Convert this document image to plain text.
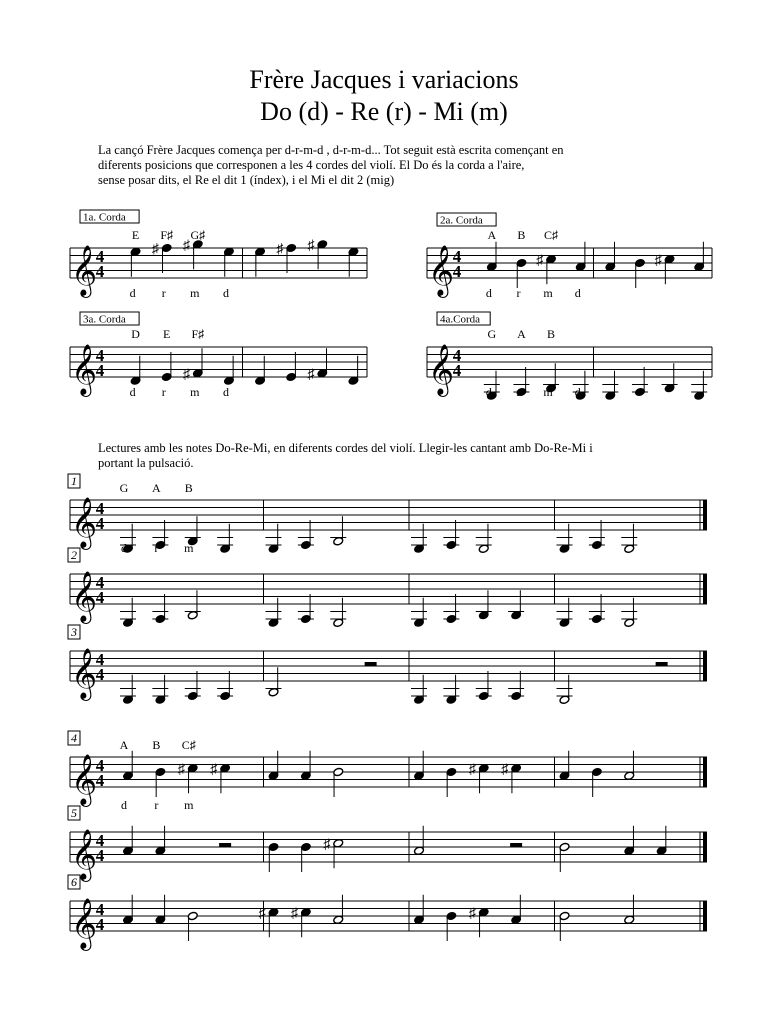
Frère Jacques i variacions
Do (d) - Re (r) - Mi (m)
La cançó Frère Jacques comença per d-r-m-d , d-r-m-d... Tot seguit està escrita començant en
diferents posicions que corresponen a les 4 cordes del violí. El Do és la corda a l'aire,
sense posar dits, el Re el dit 1 (índex), i el Mi el dit 2 (mig)
Lectures amb les notes Do-Re-Mi, en diferents cordes del violí. Llegir-les cantant amb Do-Re-Mi i
portant la pulsació.
1a. Corda
𝄞
4
4
♯ ♯	♯ ♯
E F♯ G♯
d r m d
2a. Corda
𝄞
4
4
♯	♯
A B C♯
d r m d
3a. Corda
𝄞
4
4	♯	♯
D E F♯
d r m d
4a.Corda
𝄞
4
4
G A B
d r m d
1
𝄞
4
4
G A B
d r m
2
𝄞
4
4
3
𝄞
4
4
4
𝄞
4
4
♯ ♯	♯ ♯
A B C♯
d r m
5
𝄞
4
4
♯
6
𝄞
4
4
♯ ♯	♯
